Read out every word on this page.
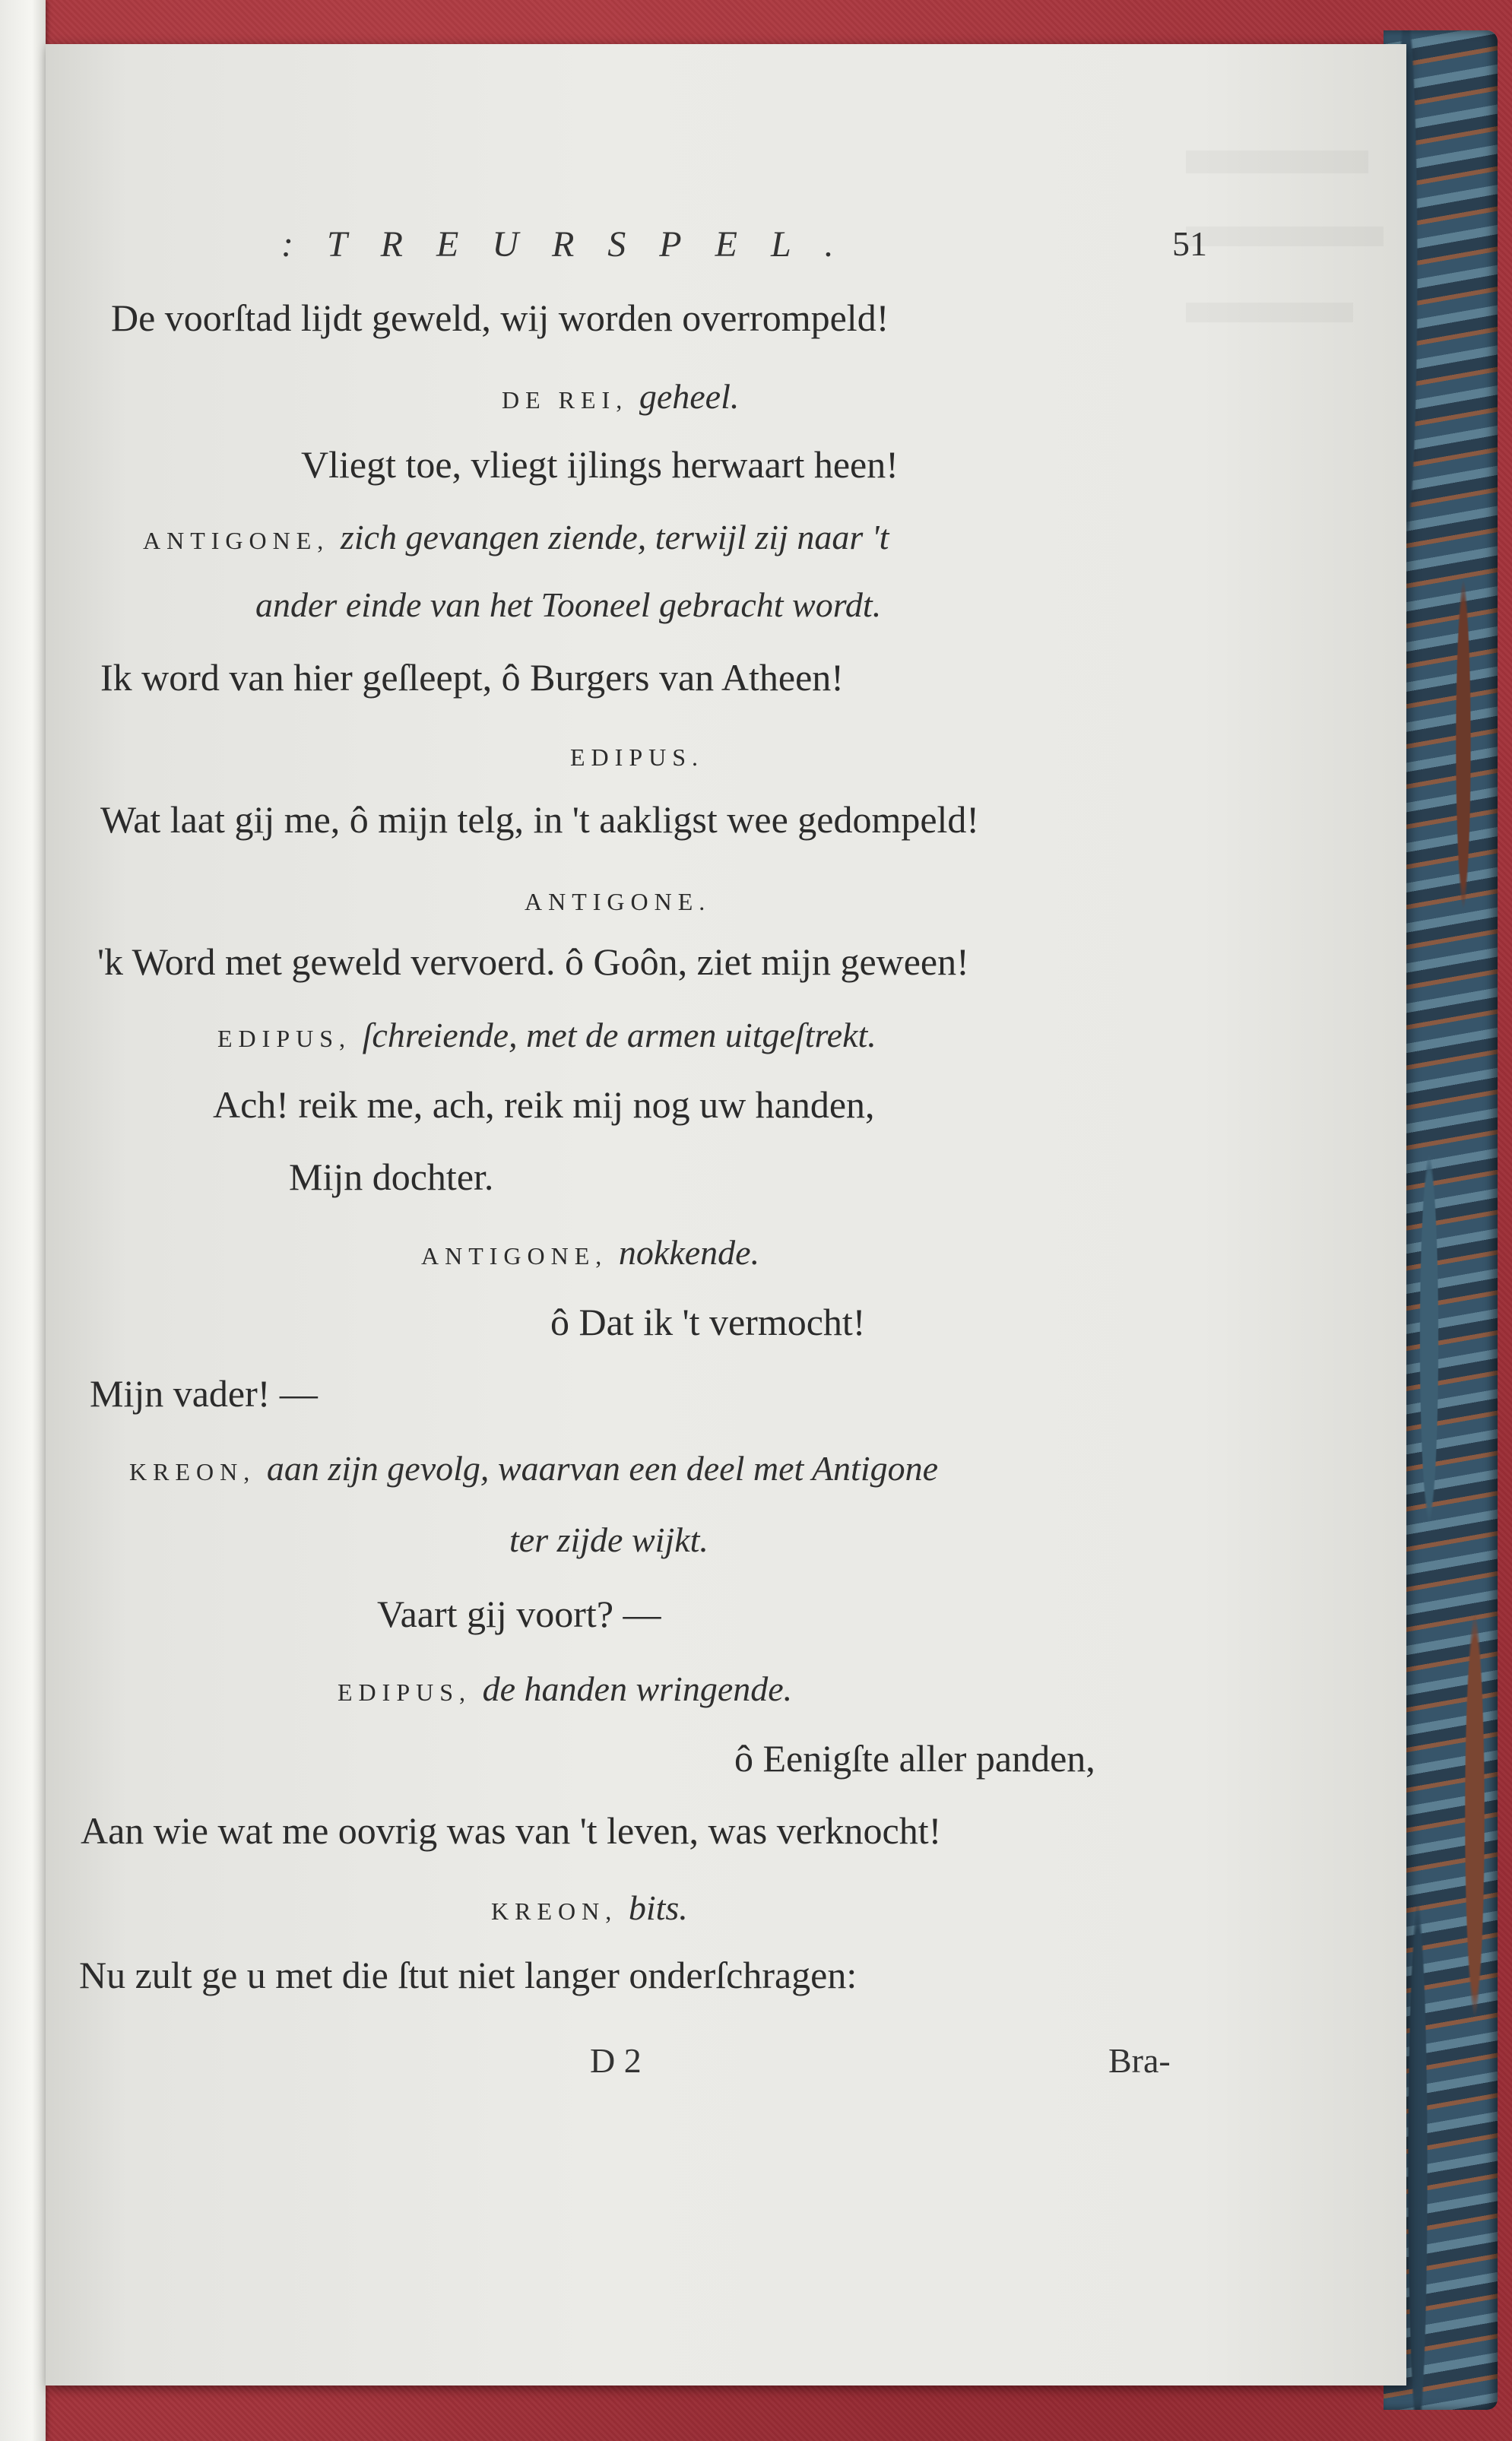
:TREURSPEL.	51
De voorſtad lijdt geweld, wij worden overrompeld!
DE REI, geheel.
Vliegt toe, vliegt ijlings herwaart heen!
ANTIGONE, zich gevangen ziende, terwijl zij naar 't
ander einde van het Tooneel gebracht wordt.
Ik word van hier geſleept, ô Burgers van Atheen!
EDIPUS.
Wat laat gij me, ô mijn telg, in 't aakligst wee gedompeld!
ANTIGONE.
'k Word met geweld vervoerd. ô Goôn, ziet mijn geween!
EDIPUS, ſchreiende, met de armen uitgeſtrekt.
Ach! reik me, ach, reik mij nog uw handen,
Mijn dochter.
ANTIGONE, nokkende.
ô Dat ik 't vermocht!
Mijn vader! —
KREON, aan zijn gevolg, waarvan een deel met Antigone
ter zijde wijkt.
Vaart gij voort? —
EDIPUS, de handen wringende.
ô Eenigſte aller panden,
Aan wie wat me oovrig was van 't leven, was verknocht!
KREON, bits.
Nu zult ge u met die ſtut niet langer onderſchragen:
D 2	Bra-
